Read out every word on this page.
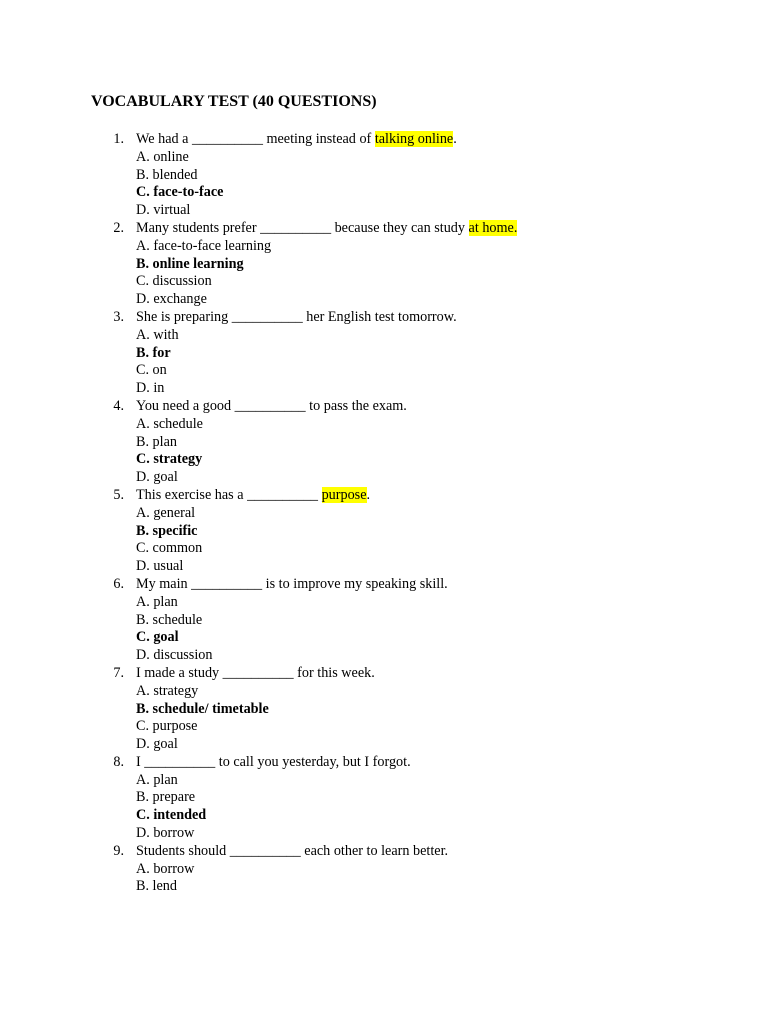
VOCABULARY TEST (40 QUESTIONS)
1. We had a __________ meeting instead of talking online.
A. online
B. blended
C. face-to-face
D. virtual
2. Many students prefer __________ because they can study at home.
A. face-to-face learning
B. online learning
C. discussion
D. exchange
3. She is preparing __________ her English test tomorrow.
A. with
B. for
C. on
D. in
4. You need a good __________ to pass the exam.
A. schedule
B. plan
C. strategy
D. goal
5. This exercise has a __________ purpose.
A. general
B. specific
C. common
D. usual
6. My main __________ is to improve my speaking skill.
A. plan
B. schedule
C. goal
D. discussion
7. I made a study __________ for this week.
A. strategy
B. schedule/ timetable
C. purpose
D. goal
8. I __________ to call you yesterday, but I forgot.
A. plan
B. prepare
C. intended
D. borrow
9. Students should __________ each other to learn better.
A. borrow
B. lend
